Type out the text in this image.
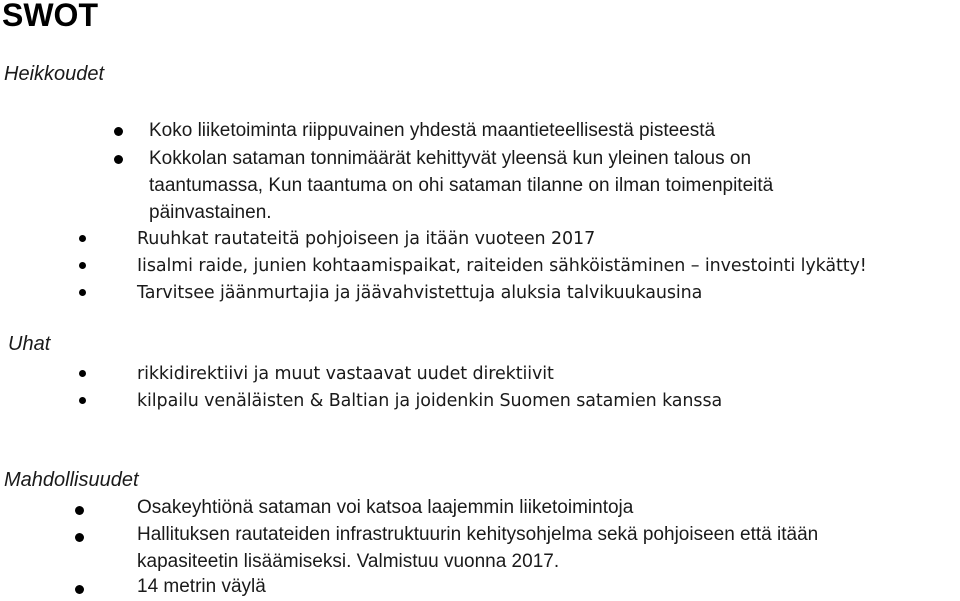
SWOT
Heikkoudet
Koko liiketoiminta riippuvainen yhdestä maantieteellisestä pisteestä
Kokkolan sataman tonnimäärät kehittyvät yleensä kun yleinen talous on
taantumassa, Kun taantuma on ohi sataman tilanne on ilman toimenpiteitä
päinvastainen.
Ruuhkat rautateitä pohjoiseen ja itään vuoteen 2017
Iisalmi raide, junien kohtaamispaikat, raiteiden sähköistäminen – investointi lykätty!
Tarvitsee jäänmurtajia ja jäävahvistettuja aluksia talvikuukausina
Uhat
rikkidirektiivi ja muut vastaavat uudet direktiivit
kilpailu venäläisten & Baltian ja joidenkin Suomen satamien kanssa
Mahdollisuudet
Osakeyhtiönä sataman voi katsoa laajemmin liiketoimintoja
Hallituksen rautateiden infrastruktuurin kehitysohjelma sekä pohjoiseen että itään
kapasiteetin lisäämiseksi. Valmistuu vuonna 2017.
14 metrin väylä
